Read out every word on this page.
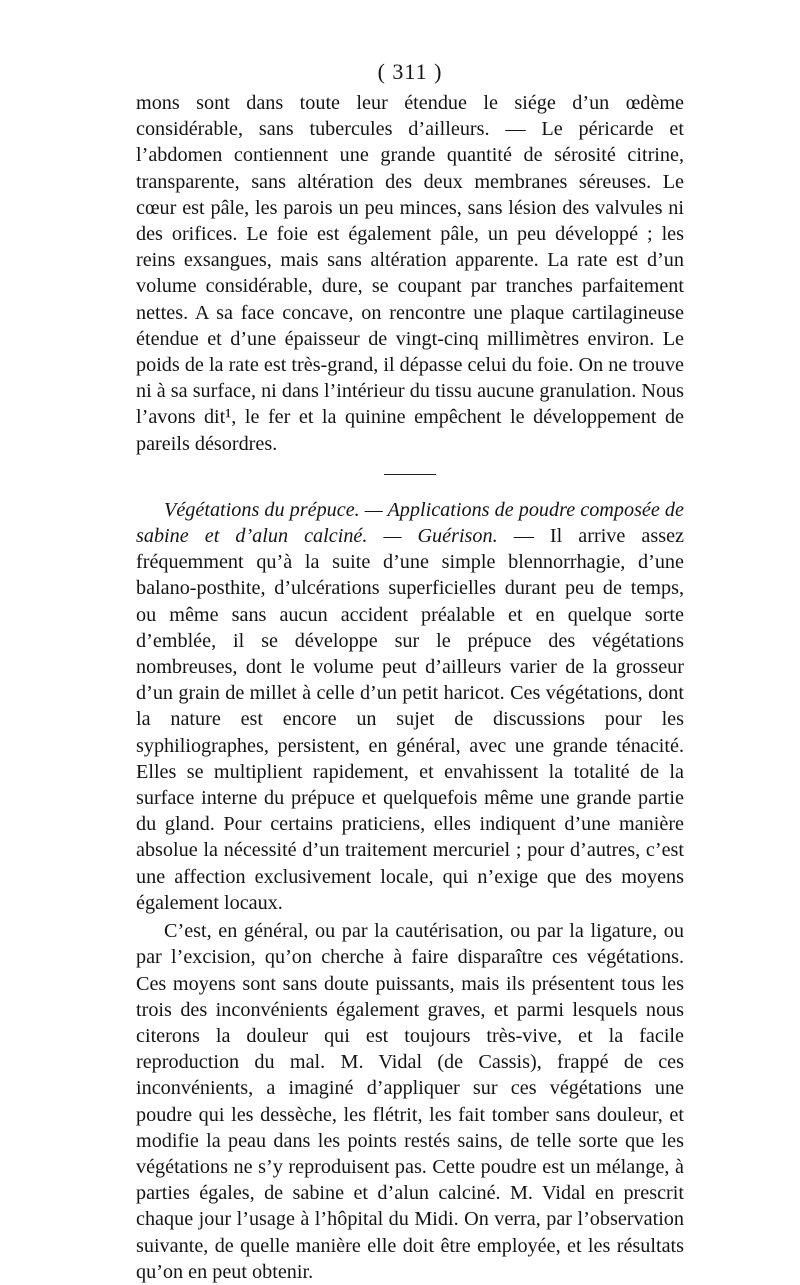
( 311 )

mons sont dans toute leur étendue le siége d’un œdème considérable, sans tubercules d’ailleurs. — Le péricarde et l’abdomen contiennent une grande quantité de sérosité citrine, transparente, sans altération des deux membranes séreuses. Le cœur est pâle, les parois un peu minces, sans lésion des valvules ni des orifices. Le foie est également pâle, un peu développé ; les reins exsangues, mais sans altération apparente. La rate est d’un volume considérable, dure, se coupant par tranches parfaitement nettes. A sa face concave, on rencontre une plaque cartilagineuse étendue et d’une épaisseur de vingt-cinq millimètres environ. Le poids de la rate est très-grand, il dépasse celui du foie. On ne trouve ni à sa surface, ni dans l’intérieur du tissu aucune granulation. Nous l’avons dit¹, le fer et la quinine empêchent le développement de pareils désordres.

Végétations du prépuce. — Applications de poudre composée de sabine et d’alun calciné. — Guérison. — Il arrive assez fréquemment qu’à la suite d’une simple blennorrhagie, d’une balano-posthite, d’ulcérations superficielles durant peu de temps, ou même sans aucun accident préalable et en quelque sorte d’emblée, il se développe sur le prépuce des végétations nombreuses, dont le volume peut d’ailleurs varier de la grosseur d’un grain de millet à celle d’un petit haricot. Ces végétations, dont la nature est encore un sujet de discussions pour les syphiliographes, persistent, en général, avec une grande ténacité. Elles se multiplient rapidement, et envahissent la totalité de la surface interne du prépuce et quelquefois même une grande partie du gland. Pour certains praticiens, elles indiquent d’une manière absolue la nécessité d’un traitement mercuriel ; pour d’autres, c’est une affection exclusivement locale, qui n’exige que des moyens également locaux.

C’est, en général, ou par la cautérisation, ou par la ligature, ou par l’excision, qu’on cherche à faire disparaître ces végétations. Ces moyens sont sans doute puissants, mais ils présentent tous les trois des inconvénients également graves, et parmi lesquels nous citerons la douleur qui est toujours très-vive, et la facile reproduction du mal. M. Vidal (de Cassis), frappé de ces inconvénients, a imaginé d’appliquer sur ces végétations une poudre qui les dessèche, les flétrit, les fait tomber sans douleur, et modifie la peau dans les points restés sains, de telle sorte que les végétations ne s’y reproduisent pas. Cette poudre est un mélange, à parties égales, de sabine et d’alun calciné. M. Vidal en prescrit chaque jour l’usage à l’hôpital du Midi. On verra, par l’observation suivante, de quelle manière elle doit être employée, et les résultats qu’on en peut obtenir.
